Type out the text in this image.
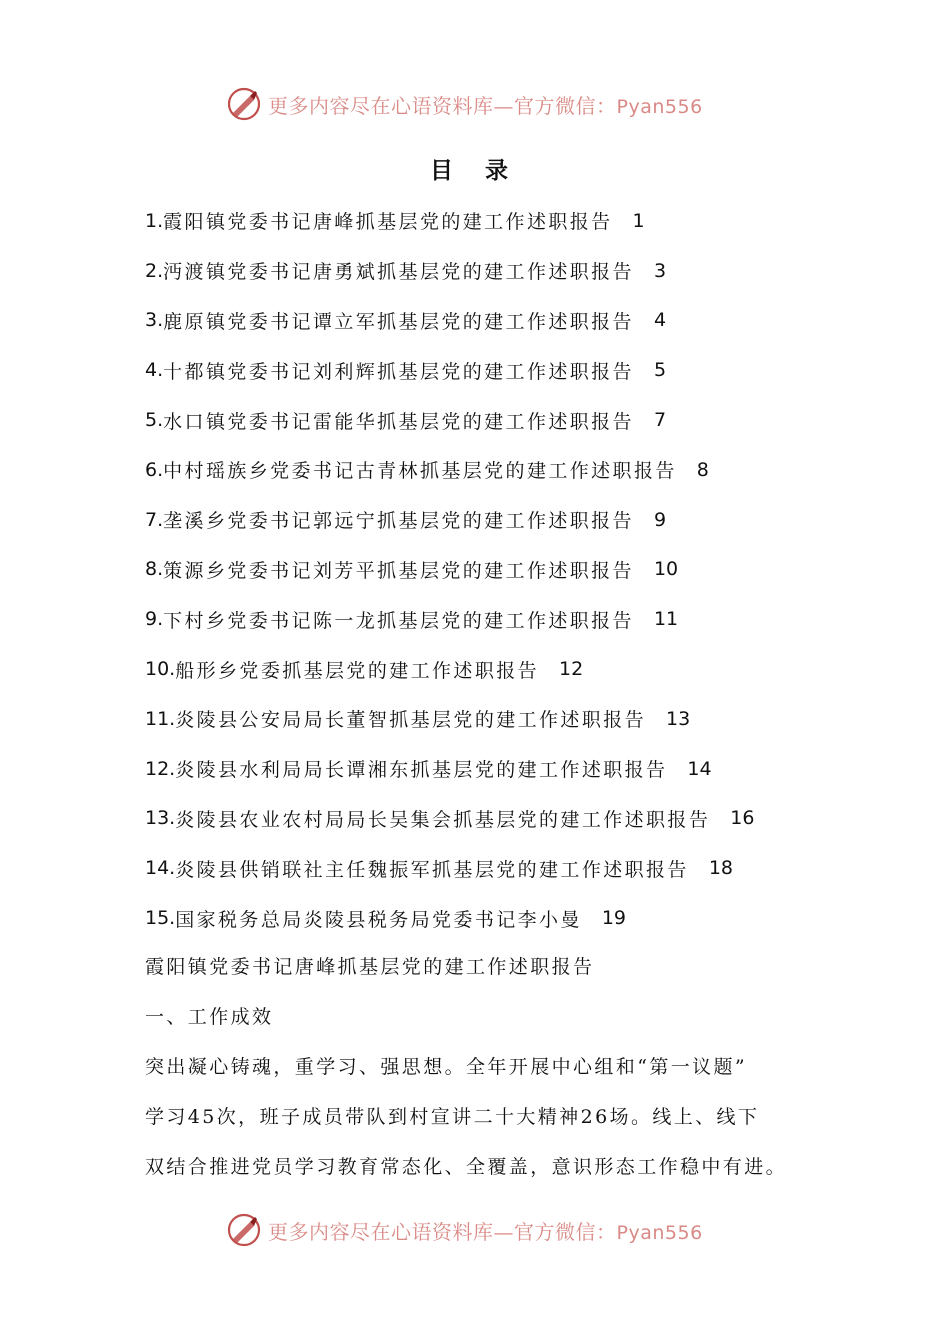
更多内容尽在心语资料库—官方微信：Pyan556
目 录
1. 霞阳镇党委书记唐峰抓基层党的建工作述职报告 1
2. 沔渡镇党委书记唐勇斌抓基层党的建工作述职报告 3
3. 鹿原镇党委书记谭立军抓基层党的建工作述职报告 4
4. 十都镇党委书记刘利辉抓基层党的建工作述职报告 5
5. 水口镇党委书记雷能华抓基层党的建工作述职报告 7
6. 中村瑶族乡党委书记古青林抓基层党的建工作述职报告 8
7. 垄溪乡党委书记郭远宁抓基层党的建工作述职报告 9
8. 策源乡党委书记刘芳平抓基层党的建工作述职报告 10
9. 下村乡党委书记陈一龙抓基层党的建工作述职报告 11
10. 船形乡党委抓基层党的建工作述职报告 12
11. 炎陵县公安局局长董智抓基层党的建工作述职报告 13
12. 炎陵县水利局局长谭湘东抓基层党的建工作述职报告 14
13. 炎陵县农业农村局局长吴集会抓基层党的建工作述职报告 16
14. 炎陵县供销联社主任魏振军抓基层党的建工作述职报告 18
15. 国家税务总局炎陵县税务局党委书记李小曼 19
霞阳镇党委书记唐峰抓基层党的建工作述职报告
一、工作成效
突出凝心铸魂，重学习、强思想。全年开展中心组和“第一议题”
学习45次，班子成员带队到村宣讲二十大精神26场。线上、线下
双结合推进党员学习教育常态化、全覆盖，意识形态工作稳中有进。
更多内容尽在心语资料库—官方微信：Pyan556
